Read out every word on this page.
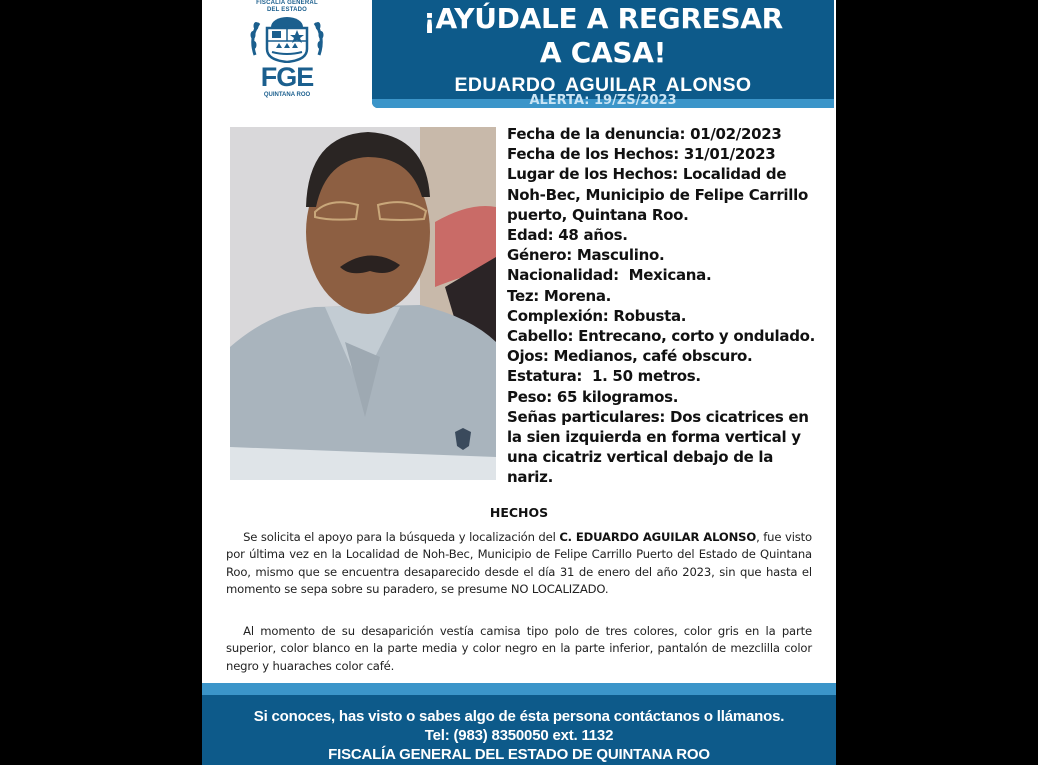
FISCALÍA GENERAL
DEL ESTADO
FGE
QUINTANA ROO
¡AYÚDALE A REGRESAR
A CASA!
EDUARDO AGUILAR ALONSO
ALERTA: 19/ZS/2023
Fecha de la denuncia: 01/02/2023
Fecha de los Hechos: 31/01/2023
Lugar de los Hechos: Localidad de
Noh-Bec, Municipio de Felipe Carrillo
puerto, Quintana Roo.
Edad: 48 años.
Género: Masculino.
Nacionalidad:  Mexicana.
Tez: Morena.
Complexión: Robusta.
Cabello: Entrecano, corto y ondulado.
Ojos: Medianos, café obscuro.
Estatura:  1. 50 metros.
Peso: 65 kilogramos.
Señas particulares: Dos cicatrices en
la sien izquierda en forma vertical y
una cicatriz vertical debajo de la
nariz.
HECHOS
  Se solicita el apoyo para la búsqueda y localización del C. EDUARDO AGUILAR ALONSO, fue visto por última vez en la Localidad de Noh-Bec, Municipio de Felipe Carrillo Puerto del Estado de Quintana Roo, mismo que se encuentra desaparecido desde el día 31 de enero del año 2023, sin que hasta el momento se sepa sobre su paradero, se presume NO LOCALIZADO.
  Al momento de su desaparición vestía camisa tipo polo de tres colores, color gris en la parte superior, color blanco en la parte media y color negro en la parte inferior, pantalón de mezclilla color negro y huaraches color café.
Si conoces, has visto o sabes algo de ésta persona contáctanos o llámanos.
Tel: (983) 8350050 ext. 1132
FISCALÍA GENERAL DEL ESTADO DE QUINTANA ROO
